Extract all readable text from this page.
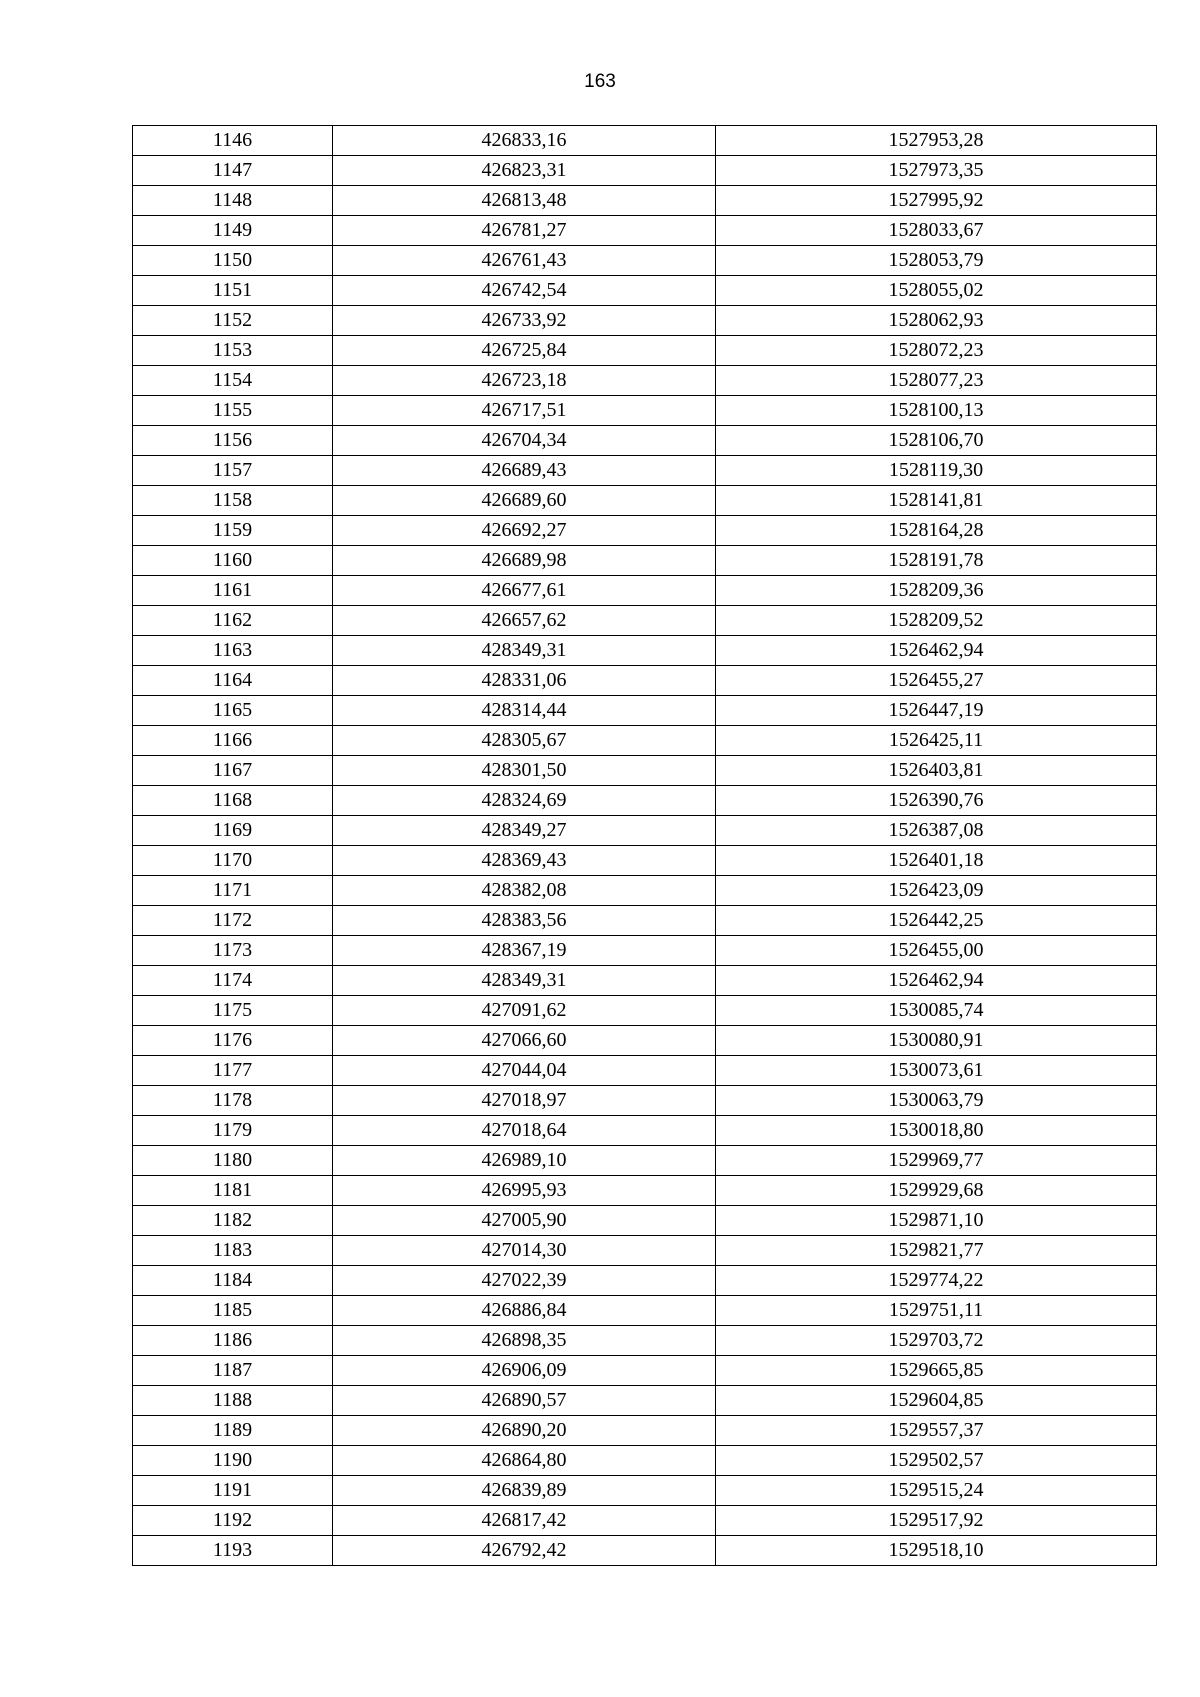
163
1146	426833,16	1527953,28
1147	426823,31	1527973,35
1148	426813,48	1527995,92
1149	426781,27	1528033,67
1150	426761,43	1528053,79
1151	426742,54	1528055,02
1152	426733,92	1528062,93
1153	426725,84	1528072,23
1154	426723,18	1528077,23
1155	426717,51	1528100,13
1156	426704,34	1528106,70
1157	426689,43	1528119,30
1158	426689,60	1528141,81
1159	426692,27	1528164,28
1160	426689,98	1528191,78
1161	426677,61	1528209,36
1162	426657,62	1528209,52
1163	428349,31	1526462,94
1164	428331,06	1526455,27
1165	428314,44	1526447,19
1166	428305,67	1526425,11
1167	428301,50	1526403,81
1168	428324,69	1526390,76
1169	428349,27	1526387,08
1170	428369,43	1526401,18
1171	428382,08	1526423,09
1172	428383,56	1526442,25
1173	428367,19	1526455,00
1174	428349,31	1526462,94
1175	427091,62	1530085,74
1176	427066,60	1530080,91
1177	427044,04	1530073,61
1178	427018,97	1530063,79
1179	427018,64	1530018,80
1180	426989,10	1529969,77
1181	426995,93	1529929,68
1182	427005,90	1529871,10
1183	427014,30	1529821,77
1184	427022,39	1529774,22
1185	426886,84	1529751,11
1186	426898,35	1529703,72
1187	426906,09	1529665,85
1188	426890,57	1529604,85
1189	426890,20	1529557,37
1190	426864,80	1529502,57
1191	426839,89	1529515,24
1192	426817,42	1529517,92
1193	426792,42	1529518,10
